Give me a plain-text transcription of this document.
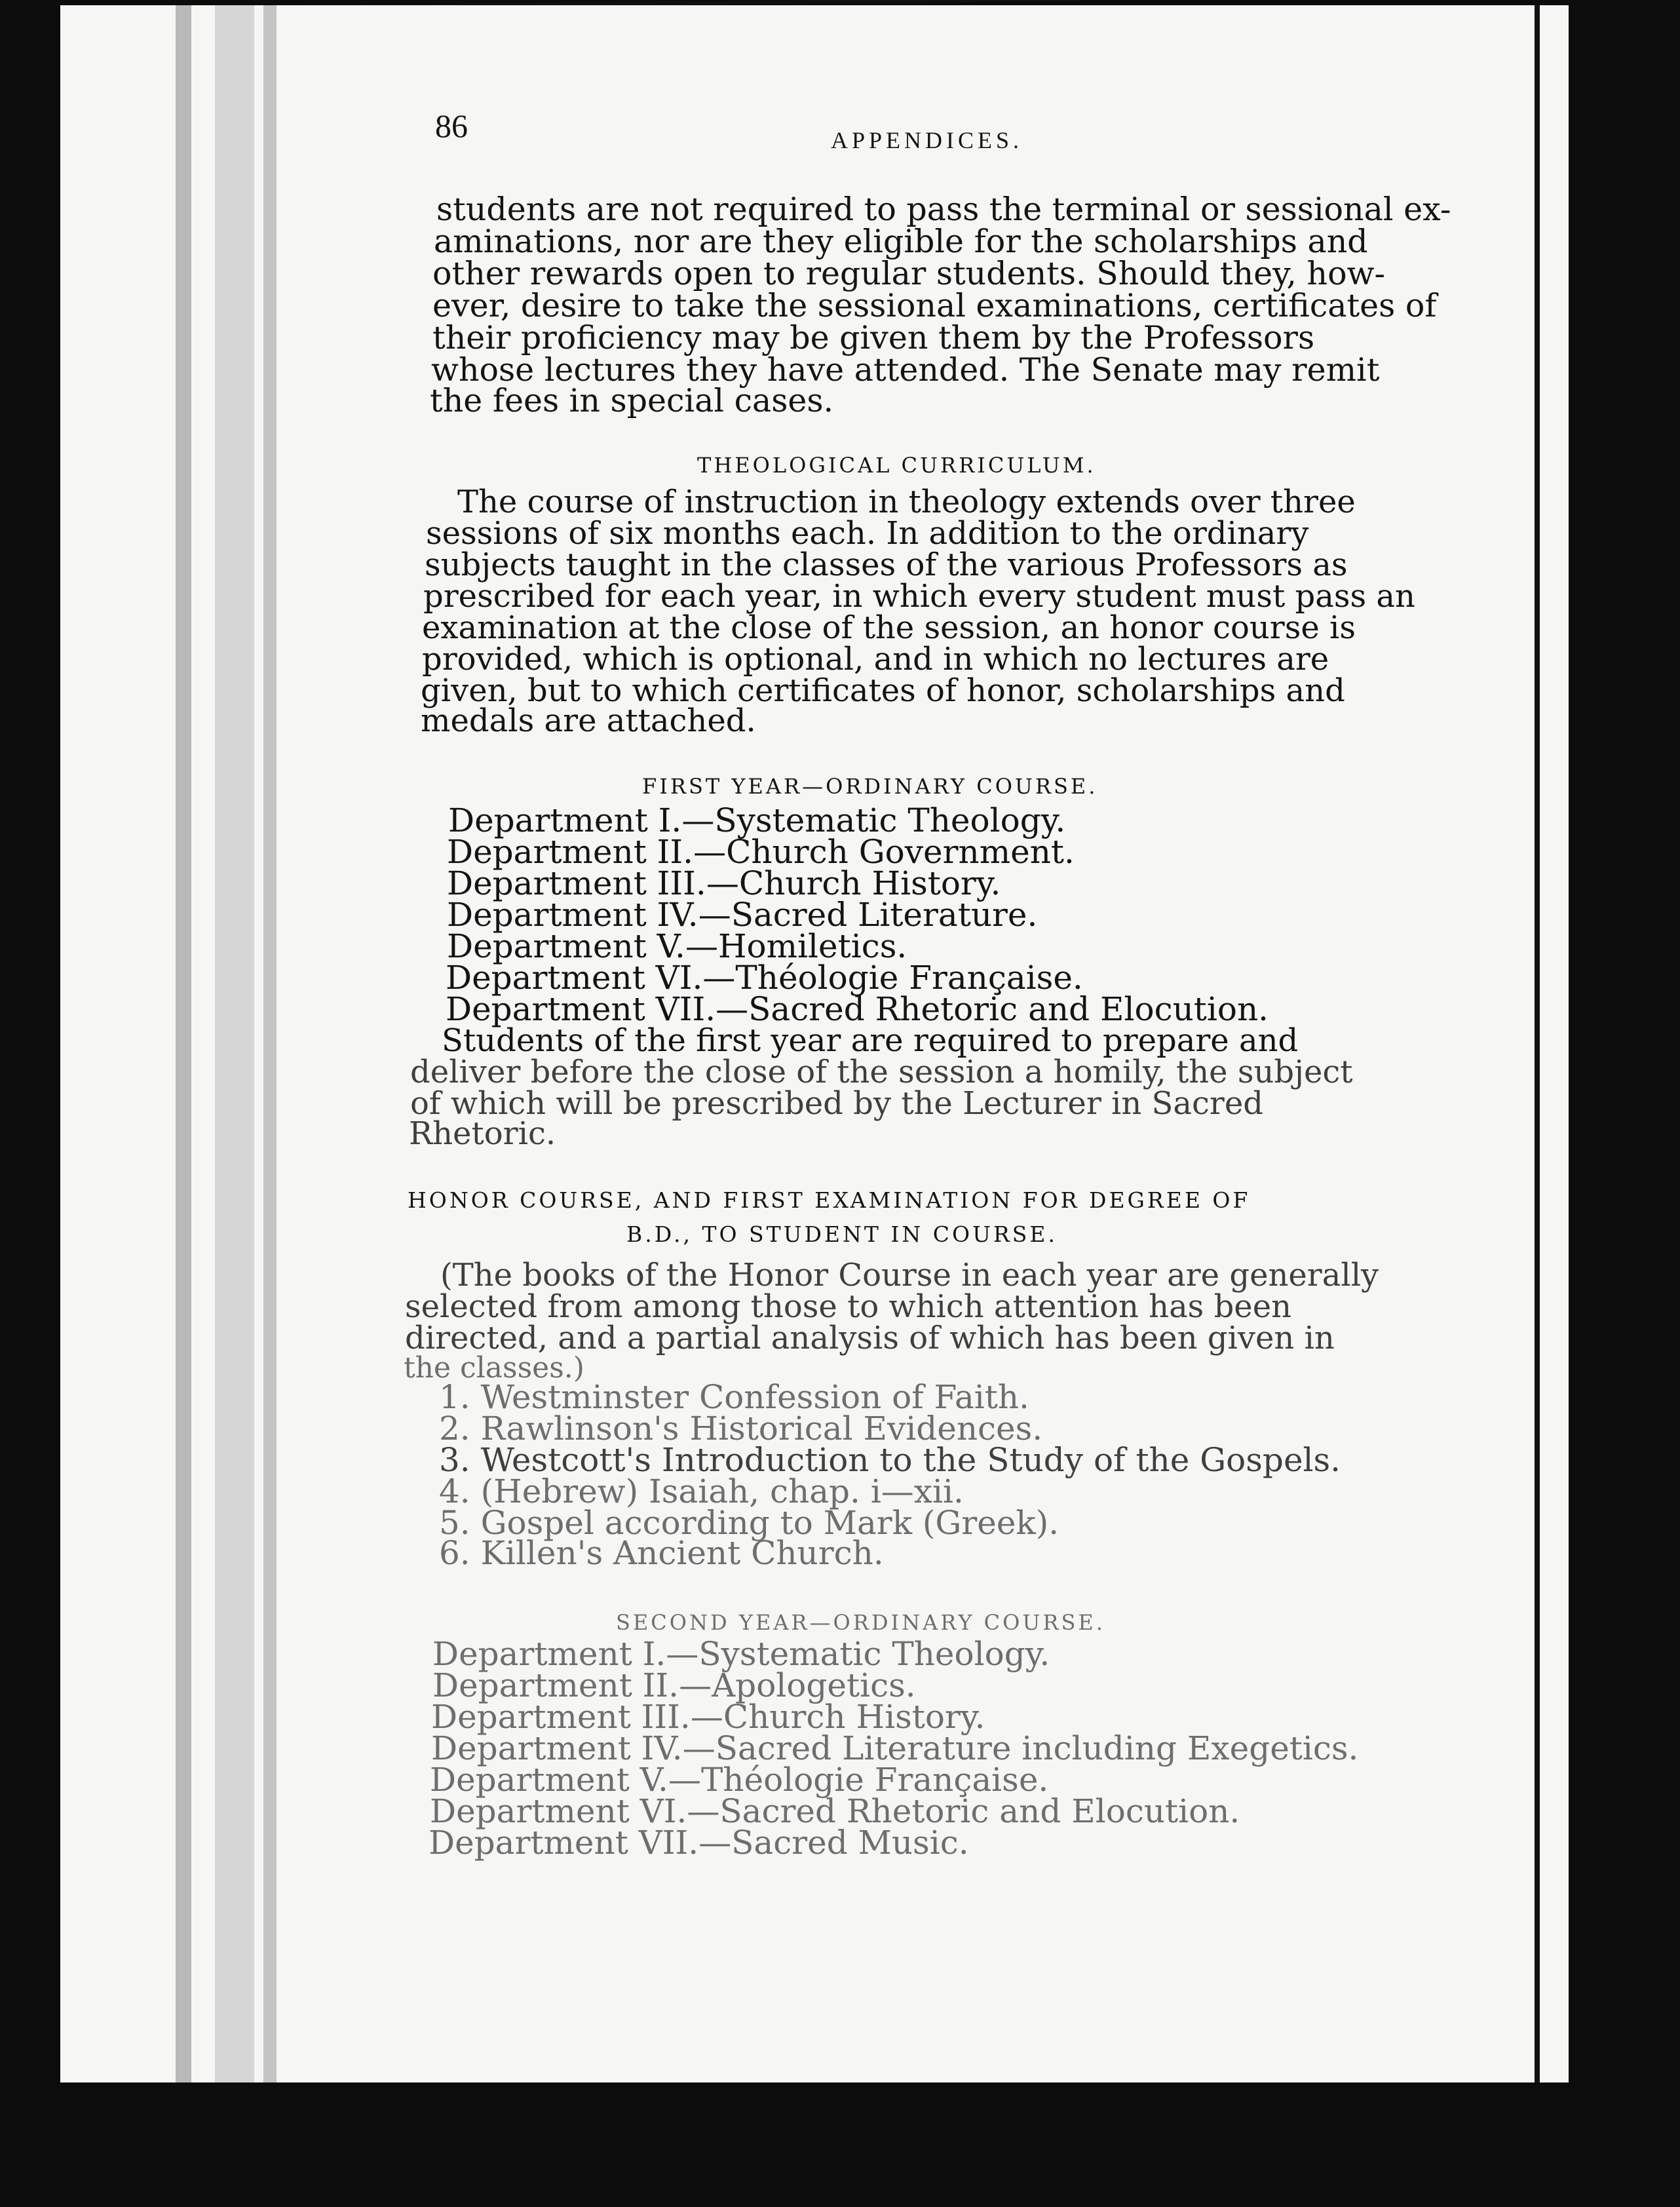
86	APPENDICES.
students are not required to pass the terminal or sessional ex-
aminations, nor are they eligible for the scholarships and
other rewards open to regular students. Should they, how-
ever, desire to take the sessional examinations, certificates of
their proficiency may be given them by the Professors
whose lectures they have attended. The Senate may remit
the fees in special cases.
THEOLOGICAL CURRICULUM.
The course of instruction in theology extends over three
sessions of six months each. In addition to the ordinary
subjects taught in the classes of the various Professors as
prescribed for each year, in which every student must pass an
examination at the close of the session, an honor course is
provided, which is optional, and in which no lectures are
given, but to which certificates of honor, scholarships and
medals are attached.
FIRST YEAR—ORDINARY COURSE.
Department I.—Systematic Theology.
Department II.—Church Government.
Department III.—Church History.
Department IV.—Sacred Literature.
Department V.—Homiletics.
Department VI.—Théologie Française.
Department VII.—Sacred Rhetoric and Elocution.
Students of the first year are required to prepare and
deliver before the close of the session a homily, the subject
of which will be prescribed by the Lecturer in Sacred
Rhetoric.
HONOR COURSE, AND FIRST EXAMINATION FOR DEGREE OF
B.D., TO STUDENT IN COURSE.
(The books of the Honor Course in each year are generally
selected from among those to which attention has been
directed, and a partial analysis of which has been given in
the classes.)
1. Westminster Confession of Faith.
2. Rawlinson's Historical Evidences.
3. Westcott's Introduction to the Study of the Gospels.
4. (Hebrew) Isaiah, chap. i—xii.
5. Gospel according to Mark (Greek).
6. Killen's Ancient Church.
SECOND YEAR—ORDINARY COURSE.
Department I.—Systematic Theology.
Department II.—Apologetics.
Department III.—Church History.
Department IV.—Sacred Literature including Exegetics.
Department V.—Théologie Française.
Department VI.—Sacred Rhetoric and Elocution.
Department VII.—Sacred Music.
